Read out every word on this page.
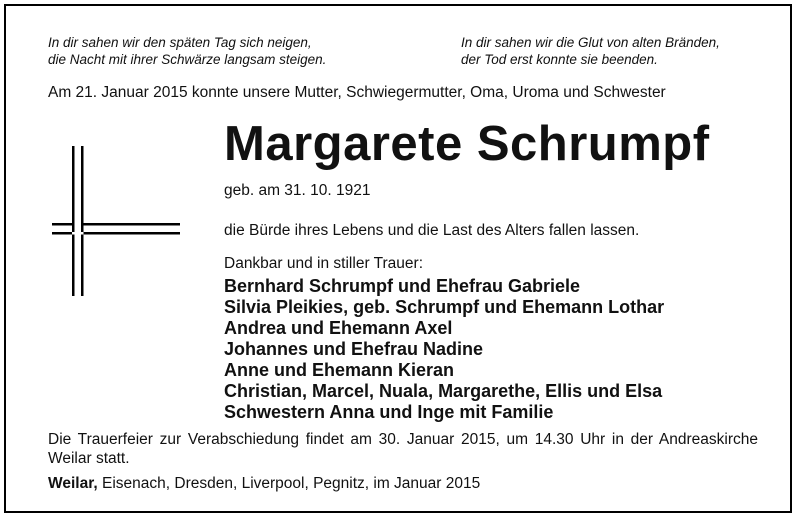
In dir sahen wir den späten Tag sich neigen,
die Nacht mit ihrer Schwärze langsam steigen.
In dir sahen wir die Glut von alten Bränden,
der Tod erst konnte sie beenden.
Am 21. Januar 2015 konnte unsere Mutter, Schwiegermutter, Oma, Uroma und Schwester
Margarete Schrumpf
geb. am 31. 10. 1921
die Bürde ihres Lebens und die Last des Alters fallen lassen.
Dankbar und in stiller Trauer:
Bernhard Schrumpf und Ehefrau Gabriele
Silvia Pleikies, geb. Schrumpf und Ehemann Lothar
Andrea und Ehemann Axel
Johannes und Ehefrau Nadine
Anne und Ehemann Kieran
Christian, Marcel, Nuala, Margarethe, Ellis und Elsa
Schwestern Anna und Inge mit Familie
Die Trauerfeier zur Verabschiedung findet am 30. Januar 2015, um 14.30 Uhr in der Andreaskirche Weilar statt.
Weilar, Eisenach, Dresden, Liverpool, Pegnitz, im Januar 2015
